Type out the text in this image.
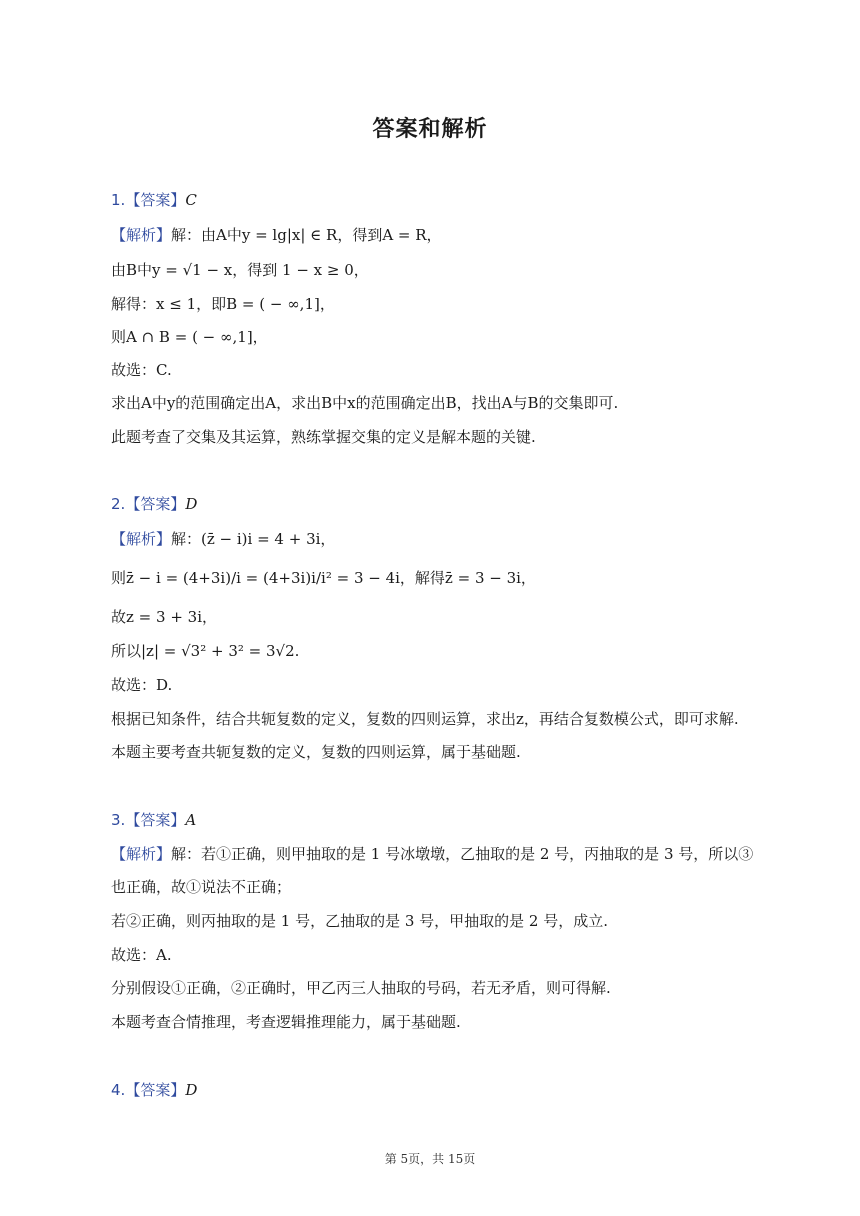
答案和解析
1.【答案】C
【解析】解：由A中y = lg|x| ∈ R，得到A = R，
由B中y = √1 − x，得到 1 − x ≥ 0，
解得：x ≤ 1，即B = ( − ∞,1]，
则A ∩ B = ( − ∞,1]，
故选：C.
求出A中y的范围确定出A，求出B中x的范围确定出B，找出A与B的交集即可.
此题考查了交集及其运算，熟练掌握交集的定义是解本题的关键.
2.【答案】D
【解析】解：(z̄ − i)i = 4 + 3i，
则z̄ − i = (4+3i)/i = (4+3i)i/i² = 3 − 4i，解得z̄ = 3 − 3i，
故z = 3 + 3i，
所以|z| = √3² + 3² = 3√2.
故选：D.
根据已知条件，结合共轭复数的定义，复数的四则运算，求出z，再结合复数模公式，即可求解.
本题主要考查共轭复数的定义，复数的四则运算，属于基础题.
3.【答案】A
【解析】解：若①正确，则甲抽取的是 1 号冰墩墩，乙抽取的是 2 号，丙抽取的是 3 号，所以③
也正确，故①说法不正确；
若②正确，则丙抽取的是 1 号，乙抽取的是 3 号，甲抽取的是 2 号，成立.
故选：A.
分别假设①正确，②正确时，甲乙丙三人抽取的号码，若无矛盾，则可得解.
本题考查合情推理，考查逻辑推理能力，属于基础题.
4.【答案】D
第 5页，共 15页
